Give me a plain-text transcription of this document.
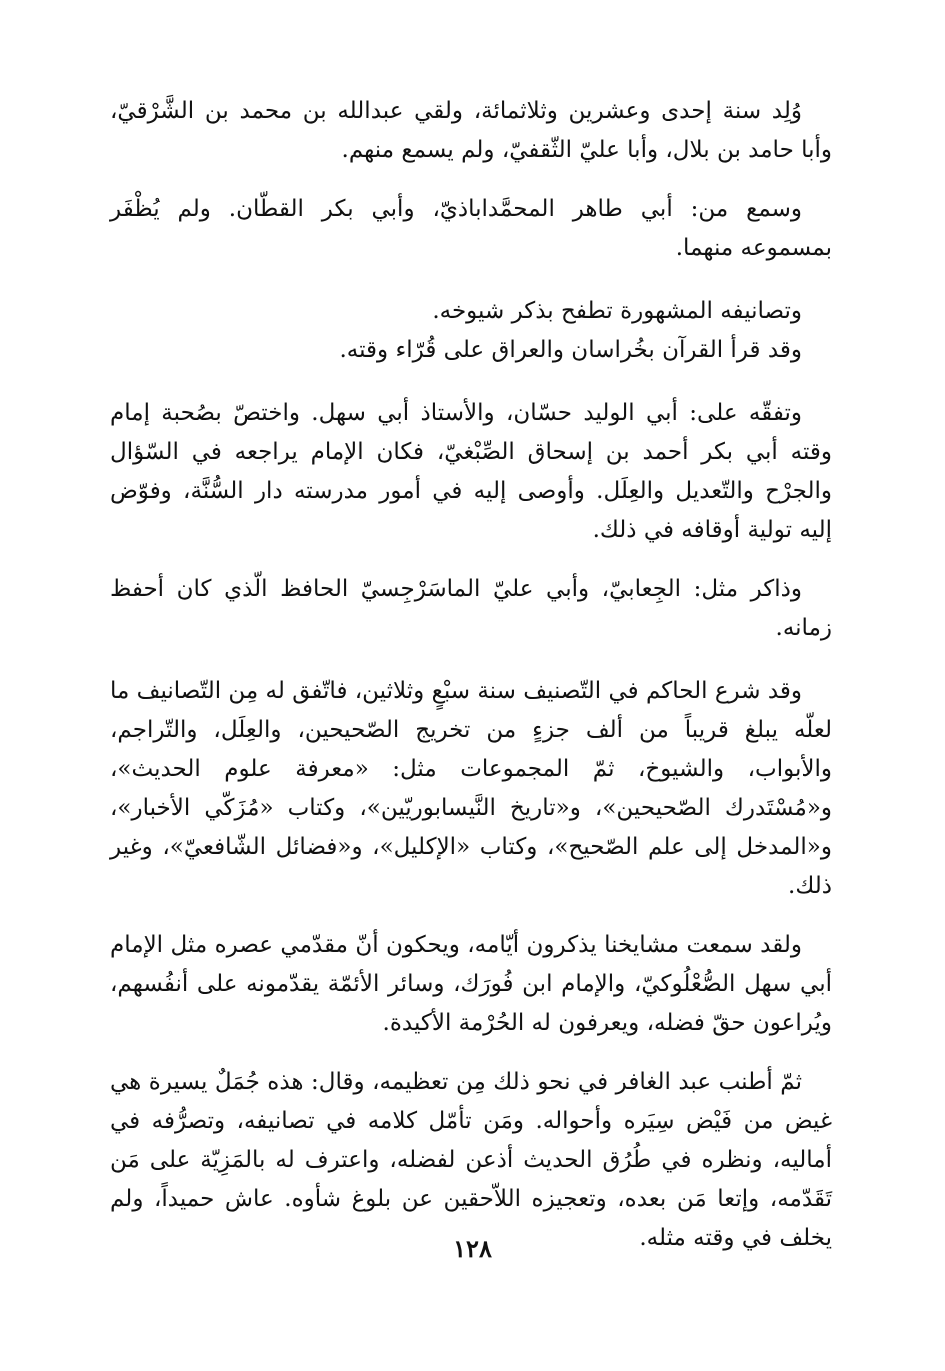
وُلِد سنة إحدى وعشرين وثلاثمائة، ولقي عبدالله بن محمد بن الشَّرْقيّ، وأبا حامد بن بلال، وأبا عليّ الثّقفيّ، ولم يسمع منهم.

وسمع من: أبي طاهر المحمَّداباذيّ، وأبي بكر القطّان. ولم يُظْفَر بمسموعه منهما.

وتصانيفه المشهورة تطفح بذكر شيوخه.

وقد قرأ القرآن بخُراسان والعراق على قُرّاء وقته.

وتفقّه على: أبي الوليد حسّان، والأستاذ أبي سهل. واختصّ بصُحبة إمام وقته أبي بكر أحمد بن إسحاق الصِّبْغيّ، فكان الإمام يراجعه في السّؤال والجرْح والتّعديل والعِلَل. وأوصى إليه في أمور مدرسته دار السُّنَّة، وفوّض إليه تولية أوقافه في ذلك.

وذاكر مثل: الجِعابيّ، وأبي عليّ الماسَرْجِسيّ الحافظ الّذي كان أحفظ زمانه.

وقد شرع الحاكم في التّصنيف سنة سبْعٍ وثلاثين، فاتّفق له مِن التّصانيف ما لعلّه يبلغ قريباً من ألف جزءٍ من تخريج الصّحيحين، والعِلَل، والتّراجم، والأبواب، والشيوخ، ثمّ المجموعات مثل: «معرفة علوم الحديث»، و«مُسْتَدرك الصّحيحين»، و«تاريخ النَّيسابوريّين»، وكتاب «مُزَكّي الأخبار»، و«المدخل إلى علم الصّحيح»، وكتاب «الإكليل»، و«فضائل الشّافعيّ»، وغير ذلك.

ولقد سمعت مشايخنا يذكرون أيّامه، ويحكون أنّ مقدّمي عصره مثل الإمام أبي سهل الصُّعْلُوكيّ، والإمام ابن فُورَك، وسائر الأئمّة يقدّمونه على أنفُسهم، ويُراعون حقّ فضله، ويعرفون له الحُرْمة الأكيدة.

ثمّ أطنب عبد الغافر في نحو ذلك مِن تعظيمه، وقال: هذه جُمَلٌ يسيرة هي غيض من فَيْض سِيَره وأحواله. ومَن تأمّل كلامه في تصانيفه، وتصرُّفه في أماليه، ونظره في طُرُق الحديث أذعن لفضله، واعترف له بالمَزِيّة على مَن تَقَدّمه، وإتعا مَن بعده، وتعجيزه اللاّحقين عن بلوغ شأوه. عاش حميداً، ولم يخلف في وقته مثله.

١٢٨
